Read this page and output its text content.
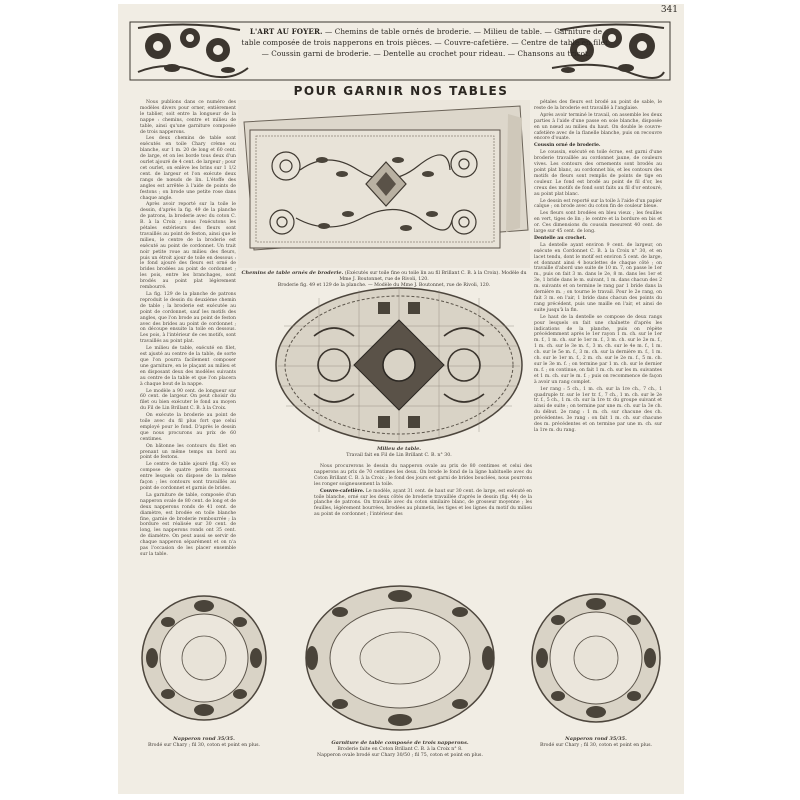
341
L'ART AU FOYER. — Chemins de table ornés de broderie. — Milieu de table. — Garniture de table composée de trois napperons en trois pièces. — Couvre-cafetière. — Centre de table en filet. — Coussin garni de broderie. — Dentelle au crochet pour rideau. — Chansons au tricot.
POUR GARNIR NOS TABLES

Nous publions dans ce numéro des modèles divers pour orner, entièrement le tablier, soit entre la longueur de la nappe : chemins, centre et milieu de table, ainsi qu'une garniture composée de trois napperons.

Les deux chemins de table sont exécutés en toile Chary crème ou blanche, sur 1 m. 20 de long et 60 cent. de large, et on les borde tous deux d'un ourlet ajouré de 4 cent. de largeur ; pour cet ourlet, on enlève les brins sur 1 1/2 cent. de largeur et l'on exécute deux rangs de nœuds de lin. L'étoffe des angles est arrêtée à l'aide de points de festons ; on brode une petite rose dans chaque angle.

Après avoir reporté sur la toile le dessin, d'après la fig. 49 de la planche de patrons, la broderie avec du coton C. B. à la Croix ; nous l'exécutons les pétales extérieurs des fleurs sont travaillés au point de feston, ainsi que le milieu, le centre de la broderie est exécuté au point de cordonnet. Un trait noir petite roue au milieu des fleurs, puis un étroit ajour de toile en dessous : le fond ajouré des fleurs est orné de brides brodées au point de cordonnet ; les pois, entre les branchages, sont brodés au point plat légèrement rembourré.

La fig. 129 de la planche de patrons reproduit le dessin du deuxième chemin de table ; la broderie est exécutée au point de cordonnet, sauf les motifs des angles, que l'on brode au point de feston avec des brides au point de cordonnet ; on découpe ensuite la toile en dessous. Les pois, à l'intérieur de ces motifs, sont travaillés au point plat.

Le milieu de table, exécuté en filet, est ajusté au centre de la table, de sorte que l'on pourra facilement composer une garniture, en le plaçant au milieu et en disposant deux des modèles suivants au centre de la table et que l'on placera à chaque bout de la nappe.

Le modèle a 90 cent. de longueur sur 60 cent. de largeur. On peut choisir du filet ou bien exécuter le fond au moyen du Fil de Lin Brillant C. B. à la Croix.

On exécute la broderie au point de toile avec du fil plus fort que celui employé pour le fond. D'après le dessin que nous procurons au prix de 60 centimes.

On bâtonne les contours du filet en prenant un même temps un bord au point de festons.

Le centre de table ajouré (fig. 43) se compose de quatre petits morceaux entre lesquels on dispose de la même façon ; les contours sont travaillés au point de cordonnet et garnis de brides.

La garniture de table, composée d'un napperon ovale de 80 cent. de long et de deux napperons ronds de 41 cent. de diamètre, est brodée en toile blanche fine, garnie de broderie rembourrée ; la bordure est réalisée sur 30 cent. de long, les napperons ronds ont 35 cent. de diamètre. On peut aussi se servir de chaque napperon séparément et on n'a pas l'occasion de les placer ensemble sur la table.

Chemins de table ornés de broderie. (Exécutés sur toile fine ou toile lin au fil Brillant C. B. à la Croix). Modèle du Mme J. Boutonnet, rue de Rivoli, 120.
Broderie fig. 49 et 129 de la planche. — Modèle du Mme J. Boutonnet, rue de Rivoli, 120.

pétales des fleurs est brodé au point de sable, le reste de la broderie est travaillé à l'anglaise.

Après avoir terminé le travail, on assemble les deux parties à l'aide d'une passe en soie blanche, disposée en un nœud au milieu du haut. On double le couvre-cafetière avec de la flanelle blanche, puis on recouvre encore d'ouate.

Coussin orné de broderie.

Le coussin, exécuté en toile écrue, est garni d'une broderie travaillée au cordonnet jaune, de couleurs vives. Les contours des ornements sont brodés au point plat blanc, au cordonnet bis, et les contours des motifs de fleurs sont remplis de points de tige en couleur. Le fond est brodé au point de fil d'or, les creux des motifs de fond sont faits au fil d'or entouré, au point plat blanc.

Le dessin est reporté sur la toile à l'aide d'un papier calque ; on brode avec du coton fin de couleur bleue.

Les fleurs sont brodées en bleu vieux ; les feuilles en vert, tiges de lin ; le centre et la bordure en bis et or. Ces dimensions du coussin mesurent 40 cent. de large sur 45 cent. de long.

Dentelle au crochet.

La dentelle ayant environ 9 cent. de largeur, on exécute en Cordonnet C. B. à la Croix n° 30, et en lacet tendu, dont le motif est environ 5 cent. de large, et donnant ainsi 4 bouclettes de chaque côté ; on travaille d'abord une suite de 10 m. 7, on passe le 1er m., puis on fait 3 m. dans le 2e, 8 m. dans les 1er et 3e, 1 bride dans le m. suivant, 1 m. dans chacun des 2 m. suivants et on termine le rang par 1 bride dans la dernière m. ; on tourne le travail. Pour le 2e rang, on fait 3 m. en l'air, 1 bride dans chacun des points du rang précédent, puis une maille en l'air, et ainsi de suite jusqu'à la fin.

Le haut de la dentelle se compose de deux rangs pour lesquels on fait une chaînette d'après les indications de la planche, puis on répète précédemment après le 1er rayon 1 m. ch. sur le 1er m. f., 1 m. ch. sur le 1er m. f., 3 m. ch. sur le 2e m. f., 1 m. ch. sur le 3e m. f., 3 m. ch. sur le 4e m. f., 1 m. ch. sur le 5e m. f., 3 m. ch. sur la dernière m. f., 1 m. ch. sur le 1er m. f., 2 m. ch. sur le 2e m. f., 5 m. ch. sur le 3e m. f. ; on termine par 1 m. ch. sur le dernier m. f. ; on continue, on fait 1 m. ch. sur les m. suivantes et 1 m. ch. sur le m. f. ; puis on recommence de façon à avoir un rang complet.

1er rang : 5 ch., 1 m. ch. sur la 1re ch., 7 ch., 1 quadruple tr. sur le 1er tr. f., 7 ch., 1 m. ch. sur le 2e tr. f., 5 ch., 1 m. ch. sur la 1re tr. du groupe suivant et ainsi de suite ; on termine par une m. ch. sur la 3e ch. du début. 2e rang : 1 m. ch. sur chacune des ch. précédentes. 3e rang : on fait 1 m. ch. sur chacune des m. précédentes et on termine par une m. ch. sur la 1re m. du rang.

Milieu de table.
Travail fait en Fil de Lin Brillant C. B. n° 30.

Nous procurerons le dessin du napperon ovale au prix de 80 centimes et celui des napperons au prix de 70 centimes les deux. On brode le fond de la ligne habituelle avec du Coton Brillant C. B. à la Croix ; le fond des jours est garni de brides bouclées, nous pourrons les ronger soigneusement la toile.

Couvre-cafetière. Le modèle, ayant 31 cent. de haut sur 30 cent. de large, est exécuté en toile blanche, orné sur les deux côtés de broderie travaillée d'après le dessin (fig. 44) de la planche de patrons. On travaille avec du coton similaire blanc, de grosseur moyenne ; les feuilles, légèrement bourrées, brodées au plumetis, les tiges et les lignes du motif du milieu au point de cordonnet ; l'intérieur des

Napperon rond 35/35.
Brodé sur Chary ; fil 30, coton et point en plus.	Garniture de table composée de trois napperons.
Broderie faite en Coton Brillant C. B. à la Croix n° 8.
Napperon ovale brodé sur Chary 30/50 ; fil 75, coton et point en plus.
Napperon rond 35/35.
Brodé sur Chary ; fil 30, coton et point en plus.
